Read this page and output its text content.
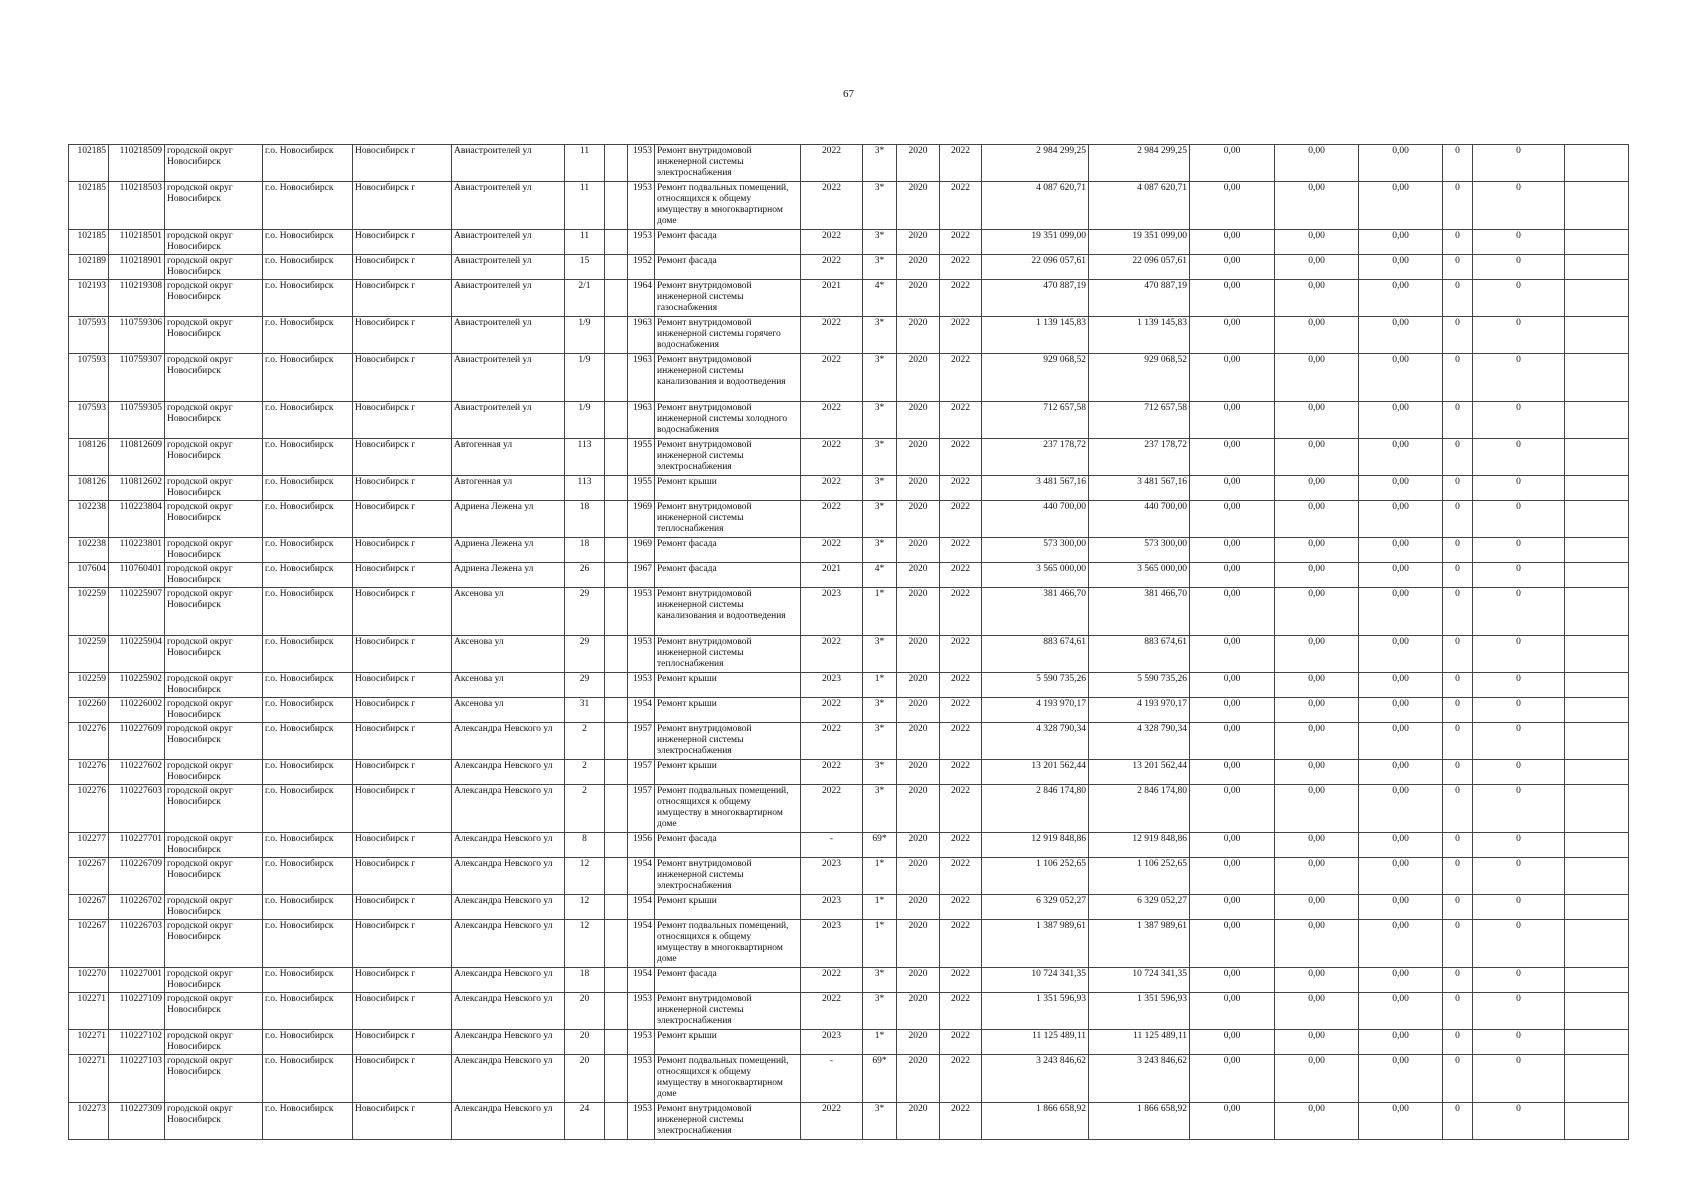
67
102185	110218509	городской округ Новосибирск	г.о. Новосибирск	Новосибирск г	Авиастроителей ул	11		1953	Ремонт внутридомовой инженерной системы электроснабжения	2022	3*	2020	2022	2 984 299,25	2 984 299,25	0,00	0,00	0,00	0	0	
102185	110218503	городской округ Новосибирск	г.о. Новосибирск	Новосибирск г	Авиастроителей ул	11		1953	Ремонт подвальных помещений, относящихся к общему имуществу в многоквартирном доме	2022	3*	2020	2022	4 087 620,71	4 087 620,71	0,00	0,00	0,00	0	0	
102185	110218501	городской округ Новосибирск	г.о. Новосибирск	Новосибирск г	Авиастроителей ул	11		1953	Ремонт фасада	2022	3*	2020	2022	19 351 099,00	19 351 099,00	0,00	0,00	0,00	0	0	
102189	110218901	городской округ Новосибирск	г.о. Новосибирск	Новосибирск г	Авиастроителей ул	15		1952	Ремонт фасада	2022	3*	2020	2022	22 096 057,61	22 096 057,61	0,00	0,00	0,00	0	0	
102193	110219308	городской округ Новосибирск	г.о. Новосибирск	Новосибирск г	Авиастроителей ул	2/1		1964	Ремонт внутридомовой инженерной системы газоснабжения	2021	4*	2020	2022	470 887,19	470 887,19	0,00	0,00	0,00	0	0	
107593	110759306	городской округ Новосибирск	г.о. Новосибирск	Новосибирск г	Авиастроителей ул	1/9		1963	Ремонт внутридомовой инженерной системы горячего водоснабжения	2022	3*	2020	2022	1 139 145,83	1 139 145,83	0,00	0,00	0,00	0	0	
107593	110759307	городской округ Новосибирск	г.о. Новосибирск	Новосибирск г	Авиастроителей ул	1/9		1963	Ремонт внутридомовой инженерной системы канализования и водоотведения	2022	3*	2020	2022	929 068,52	929 068,52	0,00	0,00	0,00	0	0	
107593	110759305	городской округ Новосибирск	г.о. Новосибирск	Новосибирск г	Авиастроителей ул	1/9		1963	Ремонт внутридомовой инженерной системы холодного водоснабжения	2022	3*	2020	2022	712 657,58	712 657,58	0,00	0,00	0,00	0	0	
108126	110812609	городской округ Новосибирск	г.о. Новосибирск	Новосибирск г	Автогенная ул	113		1955	Ремонт внутридомовой инженерной системы электроснабжения	2022	3*	2020	2022	237 178,72	237 178,72	0,00	0,00	0,00	0	0	
108126	110812602	городской округ Новосибирск	г.о. Новосибирск	Новосибирск г	Автогенная ул	113		1955	Ремонт крыши	2022	3*	2020	2022	3 481 567,16	3 481 567,16	0,00	0,00	0,00	0	0	
102238	110223804	городской округ Новосибирск	г.о. Новосибирск	Новосибирск г	Адриена Лежена ул	18		1969	Ремонт внутридомовой инженерной системы теплоснабжения	2022	3*	2020	2022	440 700,00	440 700,00	0,00	0,00	0,00	0	0	
102238	110223801	городской округ Новосибирск	г.о. Новосибирск	Новосибирск г	Адриена Лежена ул	18		1969	Ремонт фасада	2022	3*	2020	2022	573 300,00	573 300,00	0,00	0,00	0,00	0	0	
107604	110760401	городской округ Новосибирск	г.о. Новосибирск	Новосибирск г	Адриена Лежена ул	26		1967	Ремонт фасада	2021	4*	2020	2022	3 565 000,00	3 565 000,00	0,00	0,00	0,00	0	0	
102259	110225907	городской округ Новосибирск	г.о. Новосибирск	Новосибирск г	Аксенова ул	29		1953	Ремонт внутридомовой инженерной системы канализования и водоотведения	2023	1*	2020	2022	381 466,70	381 466,70	0,00	0,00	0,00	0	0	
102259	110225904	городской округ Новосибирск	г.о. Новосибирск	Новосибирск г	Аксенова ул	29		1953	Ремонт внутридомовой инженерной системы теплоснабжения	2022	3*	2020	2022	883 674,61	883 674,61	0,00	0,00	0,00	0	0	
102259	110225902	городской округ Новосибирск	г.о. Новосибирск	Новосибирск г	Аксенова ул	29		1953	Ремонт крыши	2023	1*	2020	2022	5 590 735,26	5 590 735,26	0,00	0,00	0,00	0	0	
102260	110226002	городской округ Новосибирск	г.о. Новосибирск	Новосибирск г	Аксенова ул	31		1954	Ремонт крыши	2022	3*	2020	2022	4 193 970,17	4 193 970,17	0,00	0,00	0,00	0	0	
102276	110227609	городской округ Новосибирск	г.о. Новосибирск	Новосибирск г	Александра Невского ул	2		1957	Ремонт внутридомовой инженерной системы электроснабжения	2022	3*	2020	2022	4 328 790,34	4 328 790,34	0,00	0,00	0,00	0	0	
102276	110227602	городской округ Новосибирск	г.о. Новосибирск	Новосибирск г	Александра Невского ул	2		1957	Ремонт крыши	2022	3*	2020	2022	13 201 562,44	13 201 562,44	0,00	0,00	0,00	0	0	
102276	110227603	городской округ Новосибирск	г.о. Новосибирск	Новосибирск г	Александра Невского ул	2		1957	Ремонт подвальных помещений, относящихся к общему имуществу в многоквартирном доме	2022	3*	2020	2022	2 846 174,80	2 846 174,80	0,00	0,00	0,00	0	0	
102277	110227701	городской округ Новосибирск	г.о. Новосибирск	Новосибирск г	Александра Невского ул	8		1956	Ремонт фасада	-	69*	2020	2022	12 919 848,86	12 919 848,86	0,00	0,00	0,00	0	0	
102267	110226709	городской округ Новосибирск	г.о. Новосибирск	Новосибирск г	Александра Невского ул	12		1954	Ремонт внутридомовой инженерной системы электроснабжения	2023	1*	2020	2022	1 106 252,65	1 106 252,65	0,00	0,00	0,00	0	0	
102267	110226702	городской округ Новосибирск	г.о. Новосибирск	Новосибирск г	Александра Невского ул	12		1954	Ремонт крыши	2023	1*	2020	2022	6 329 052,27	6 329 052,27	0,00	0,00	0,00	0	0	
102267	110226703	городской округ Новосибирск	г.о. Новосибирск	Новосибирск г	Александра Невского ул	12		1954	Ремонт подвальных помещений, относящихся к общему имуществу в многоквартирном доме	2023	1*	2020	2022	1 387 989,61	1 387 989,61	0,00	0,00	0,00	0	0	
102270	110227001	городской округ Новосибирск	г.о. Новосибирск	Новосибирск г	Александра Невского ул	18		1954	Ремонт фасада	2022	3*	2020	2022	10 724 341,35	10 724 341,35	0,00	0,00	0,00	0	0	
102271	110227109	городской округ Новосибирск	г.о. Новосибирск	Новосибирск г	Александра Невского ул	20		1953	Ремонт внутридомовой инженерной системы электроснабжения	2022	3*	2020	2022	1 351 596,93	1 351 596,93	0,00	0,00	0,00	0	0	
102271	110227102	городской округ Новосибирск	г.о. Новосибирск	Новосибирск г	Александра Невского ул	20		1953	Ремонт крыши	2023	1*	2020	2022	11 125 489,11	11 125 489,11	0,00	0,00	0,00	0	0	
102271	110227103	городской округ Новосибирск	г.о. Новосибирск	Новосибирск г	Александра Невского ул	20		1953	Ремонт подвальных помещений, относящихся к общему имуществу в многоквартирном доме	-	69*	2020	2022	3 243 846,62	3 243 846,62	0,00	0,00	0,00	0	0	
102273	110227309	городской округ Новосибирск	г.о. Новосибирск	Новосибирск г	Александра Невского ул	24		1953	Ремонт внутридомовой инженерной системы электроснабжения	2022	3*	2020	2022	1 866 658,92	1 866 658,92	0,00	0,00	0,00	0	0	
